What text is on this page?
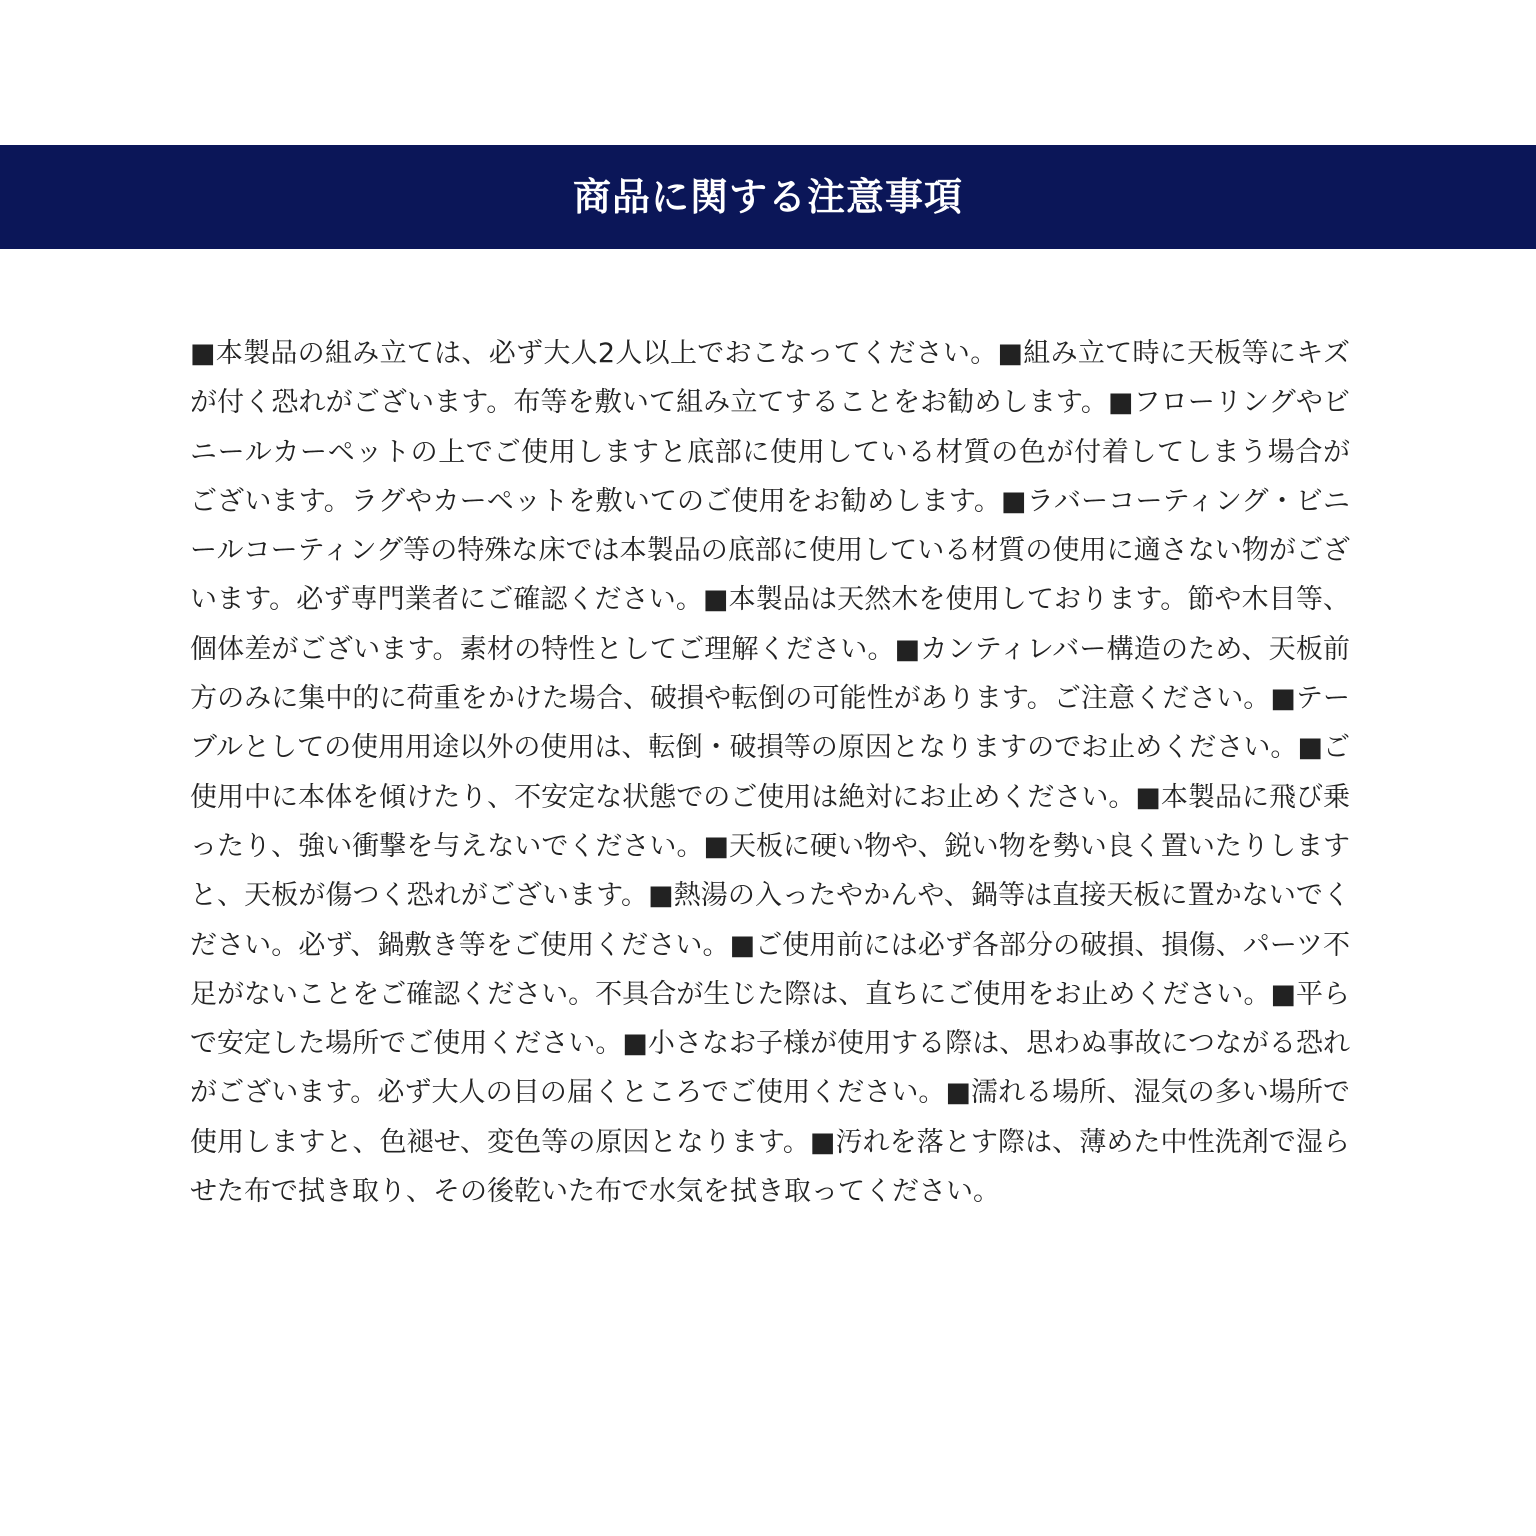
商品に関する注意事項
■本製品の組み立ては、必ず大人2人以上でおこなってください。■組み立て時に天板等にキズが付く恐れがございます。布等を敷いて組み立てすることをお勧めします。■フローリングやビニールカーペットの上でご使用しますと底部に使用している材質の色が付着してしまう場合がございます。ラグやカーペットを敷いてのご使用をお勧めします。■ラバーコーティング・ビニールコーティング等の特殊な床では本製品の底部に使用している材質の使用に適さない物がございます。必ず専門業者にご確認ください。■本製品は天然木を使用しております。節や木目等、個体差がございます。素材の特性としてご理解ください。■カンティレバー構造のため、天板前方のみに集中的に荷重をかけた場合、破損や転倒の可能性があります。ご注意ください。■テーブルとしての使用用途以外の使用は、転倒・破損等の原因となりますのでお止めください。■ご使用中に本体を傾けたり、不安定な状態でのご使用は絶対にお止めください。■本製品に飛び乗ったり、強い衝撃を与えないでください。■天板に硬い物や、鋭い物を勢い良く置いたりしますと、天板が傷つく恐れがございます。■熱湯の入ったやかんや、鍋等は直接天板に置かないでください。必ず、鍋敷き等をご使用ください。■ご使用前には必ず各部分の破損、損傷、パーツ不足がないことをご確認ください。不具合が生じた際は、直ちにご使用をお止めください。■平らで安定した場所でご使用ください。■小さなお子様が使用する際は、思わぬ事故につながる恐れがございます。必ず大人の目の届くところでご使用ください。■濡れる場所、湿気の多い場所で使用しますと、色褪せ、変色等の原因となります。■汚れを落とす際は、薄めた中性洗剤で湿らせた布で拭き取り、その後乾いた布で水気を拭き取ってください。
